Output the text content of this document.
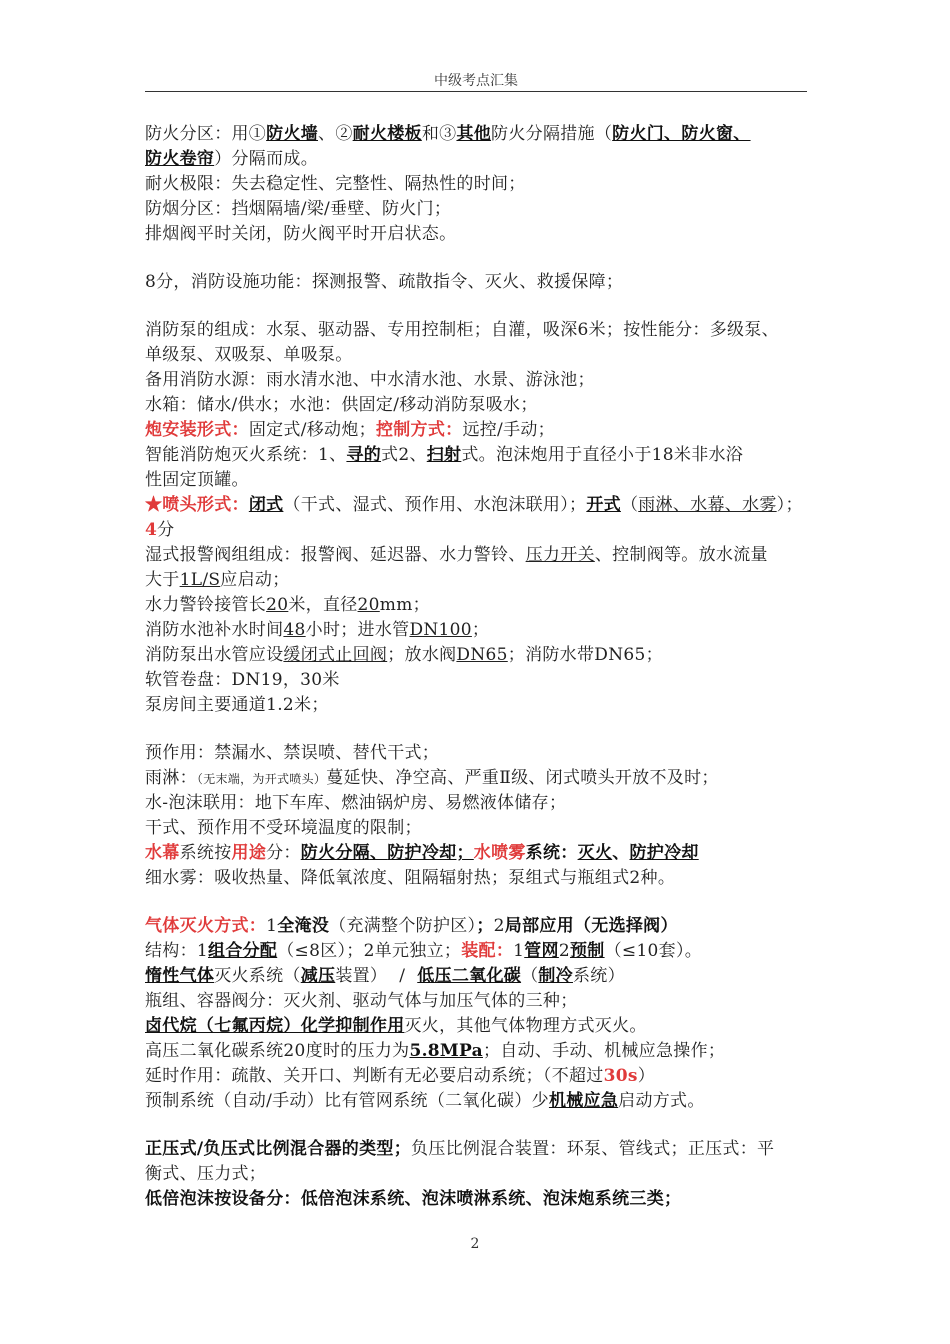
中级考点汇集
防火分区：用①防火墙、②耐火楼板和③其他防火分隔措施（防火门、防火窗、
防火卷帘）分隔而成。
耐火极限：失去稳定性、完整性、隔热性的时间；
防烟分区：挡烟隔墙/梁/垂壁、防火门；
排烟阀平时关闭，防火阀平时开启状态。
8分，消防设施功能：探测报警、疏散指令、灭火、救援保障；
消防泵的组成：水泵、驱动器、专用控制柜；自灌，吸深6米；按性能分：多级泵、
单级泵、双吸泵、单吸泵。
备用消防水源：雨水清水池、中水清水池、水景、游泳池；
水箱：储水/供水；水池：供固定/移动消防泵吸水；
炮安装形式：固定式/移动炮；控制方式：远控/手动；
智能消防炮灭火系统：1、寻的式2、扫射式。泡沫炮用于直径小于18米非水浴
性固定顶罐。
★喷头形式：闭式（干式、湿式、预作用、水泡沫联用）；开式（雨淋、水幕、水雾）；
4分
湿式报警阀组组成：报警阀、延迟器、水力警铃、压力开关、控制阀等。放水流量
大于1L/S应启动；
水力警铃接管长20米，直径20mm；
消防水池补水时间48小时；进水管DN100；
消防泵出水管应设缓闭式止回阀；放水阀DN65；消防水带DN65；
软管卷盘：DN19，30米
泵房间主要通道1.2米；
预作用：禁漏水、禁误喷、替代干式；
雨淋：（无末端，为开式喷头）蔓延快、净空高、严重Ⅱ级、闭式喷头开放不及时；
水-泡沫联用：地下车库、燃油锅炉房、易燃液体储存；
干式、预作用不受环境温度的限制；
水幕系统按用途分：防火分隔、防护冷却；水喷雾系统：灭火、防护冷却
细水雾：吸收热量、降低氧浓度、阻隔辐射热；泵组式与瓶组式2种。
气体灭火方式：1全淹没（充满整个防护区）；2局部应用（无选择阀）
结构：1组合分配（≤8区）；2单元独立；装配：1管网2预制（≤10套）。
惰性气体灭火系统（减压装置） / 低压二氧化碳（制冷系统）
瓶组、容器阀分：灭火剂、驱动气体与加压气体的三种；
卤代烷（七氟丙烷）化学抑制作用灭火，其他气体物理方式灭火。
高压二氧化碳系统20度时的压力为5.8MPa；自动、手动、机械应急操作；
延时作用：疏散、关开口、判断有无必要启动系统；（不超过30s）
预制系统（自动/手动）比有管网系统（二氧化碳）少机械应急启动方式。
正压式/负压式比例混合器的类型；负压比例混合装置：环泵、管线式；正压式：平
衡式、压力式；
低倍泡沫按设备分：低倍泡沫系统、泡沫喷淋系统、泡沫炮系统三类；
2
